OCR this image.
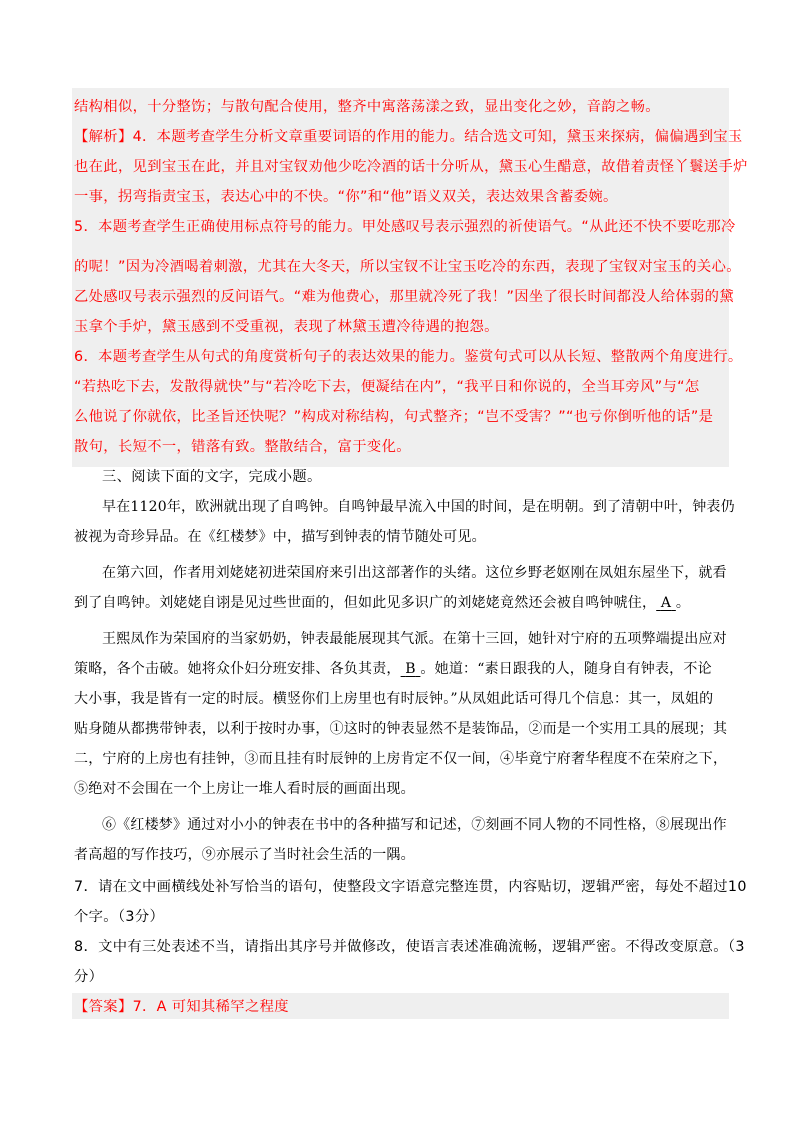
结构相似，十分整饬；与散句配合使用，整齐中寓落荡漾之致，显出变化之妙，音韵之畅。
【解析】4．本题考查学生分析文章重要词语的作用的能力。结合选文可知，黛玉来探病，偏偏遇到宝玉
也在此，见到宝玉在此，并且对宝钗劝他少吃冷酒的话十分听从，黛玉心生醋意，故借着责怪丫鬟送手炉
一事，拐弯指责宝玉，表达心中的不快。“你”和“他”语义双关，表达效果含蓄委婉。
5．本题考查学生正确使用标点符号的能力。甲处感叹号表示强烈的祈使语气。“从此还不快不要吃那冷
的呢！”因为冷酒喝着刺激，尤其在大冬天，所以宝钗不让宝玉吃冷的东西，表现了宝钗对宝玉的关心。
乙处感叹号表示强烈的反问语气。“难为他费心，那里就冷死了我！”因坐了很长时间都没人给体弱的黛
玉拿个手炉，黛玉感到不受重视，表现了林黛玉遭冷待遇的抱怨。
6．本题考查学生从句式的角度赏析句子的表达效果的能力。鉴赏句式可以从长短、整散两个角度进行。
“若热吃下去，发散得就快”与“若冷吃下去，便凝结在内”，“我平日和你说的，全当耳旁风”与“怎
么他说了你就依，比圣旨还快呢？”构成对称结构，句式整齐；“岂不受害？”“也亏你倒听他的话”是
散句，长短不一，错落有致。整散结合，富于变化。
三、阅读下面的文字，完成小题。
早在1120年，欧洲就出现了自鸣钟。自鸣钟最早流入中国的时间，是在明朝。到了清朝中叶，钟表仍
被视为奇珍异品。在《红楼梦》中，描写到钟表的情节随处可见。
在第六回，作者用刘姥姥初进荣国府来引出这部著作的头绪。这位乡野老妪刚在凤姐东屋坐下，就看
到了自鸣钟。刘姥姥自诩是见过些世面的，但如此见多识广的刘姥姥竟然还会被自鸣钟唬住， A 。
王熙凤作为荣国府的当家奶奶，钟表最能展现其气派。在第十三回，她针对宁府的五项弊端提出应对
策略，各个击破。她将众仆妇分班安排、各负其责， B 。她道：“素日跟我的人，随身自有钟表，不论
大小事，我是皆有一定的时辰。横竖你们上房里也有时辰钟。”从凤姐此话可得几个信息：其一，凤姐的
贴身随从都携带钟表，以利于按时办事，①这时的钟表显然不是装饰品，②而是一个实用工具的展现；其
二，宁府的上房也有挂钟，③而且挂有时辰钟的上房肯定不仅一间，④毕竟宁府奢华程度不在荣府之下，
⑤绝对不会围在一个上房让一堆人看时辰的画面出现。
⑥《红楼梦》通过对小小的钟表在书中的各种描写和记述，⑦刻画不同人物的不同性格，⑧展现出作
者高超的写作技巧，⑨亦展示了当时社会生活的一隅。
7．请在文中画横线处补写恰当的语句，使整段文字语意完整连贯，内容贴切，逻辑严密，每处不超过10
个字。（3分）
8．文中有三处表述不当，请指出其序号并做修改，使语言表述准确流畅，逻辑严密。不得改变原意。（3
分）
【答案】7．A 可知其稀罕之程度
